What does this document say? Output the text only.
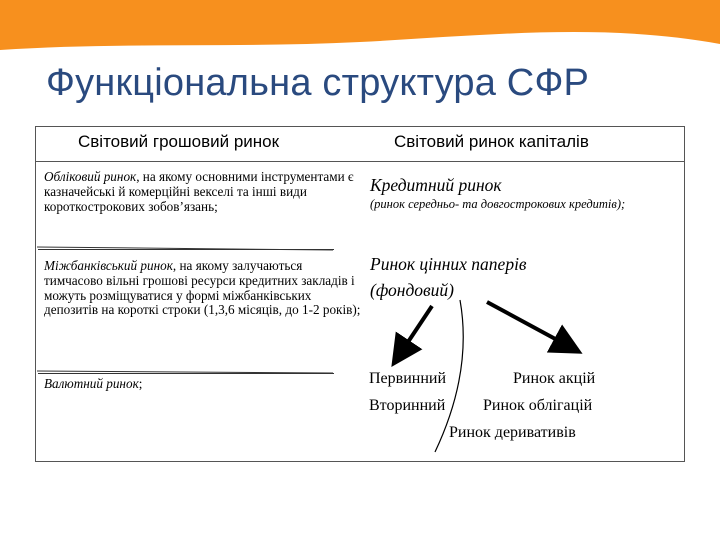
Функціональна структура СФР
Світовий грошовий ринок	Світовий ринок капіталів
Обліковий ринок, на якому основними інструментами є казначейські й комерційні векселі та інші види короткострокових зобов’язань;
Міжбанківський ринок, на якому залучаються тимчасово вільні грошові ресурси кредитних закладів і можуть розміщуватися у формі міжбанківських депозитів на короткі строки (1,3,6 місяців, до 1-2 років);
Валютний ринок;
Кредитний ринок
(ринок середньо- та довгострокових кредитів);
Ринок цінних паперів
(фондовий)
Первинний
Вторинний
Ринок акцій
Ринок облігацій
Ринок деривативів
